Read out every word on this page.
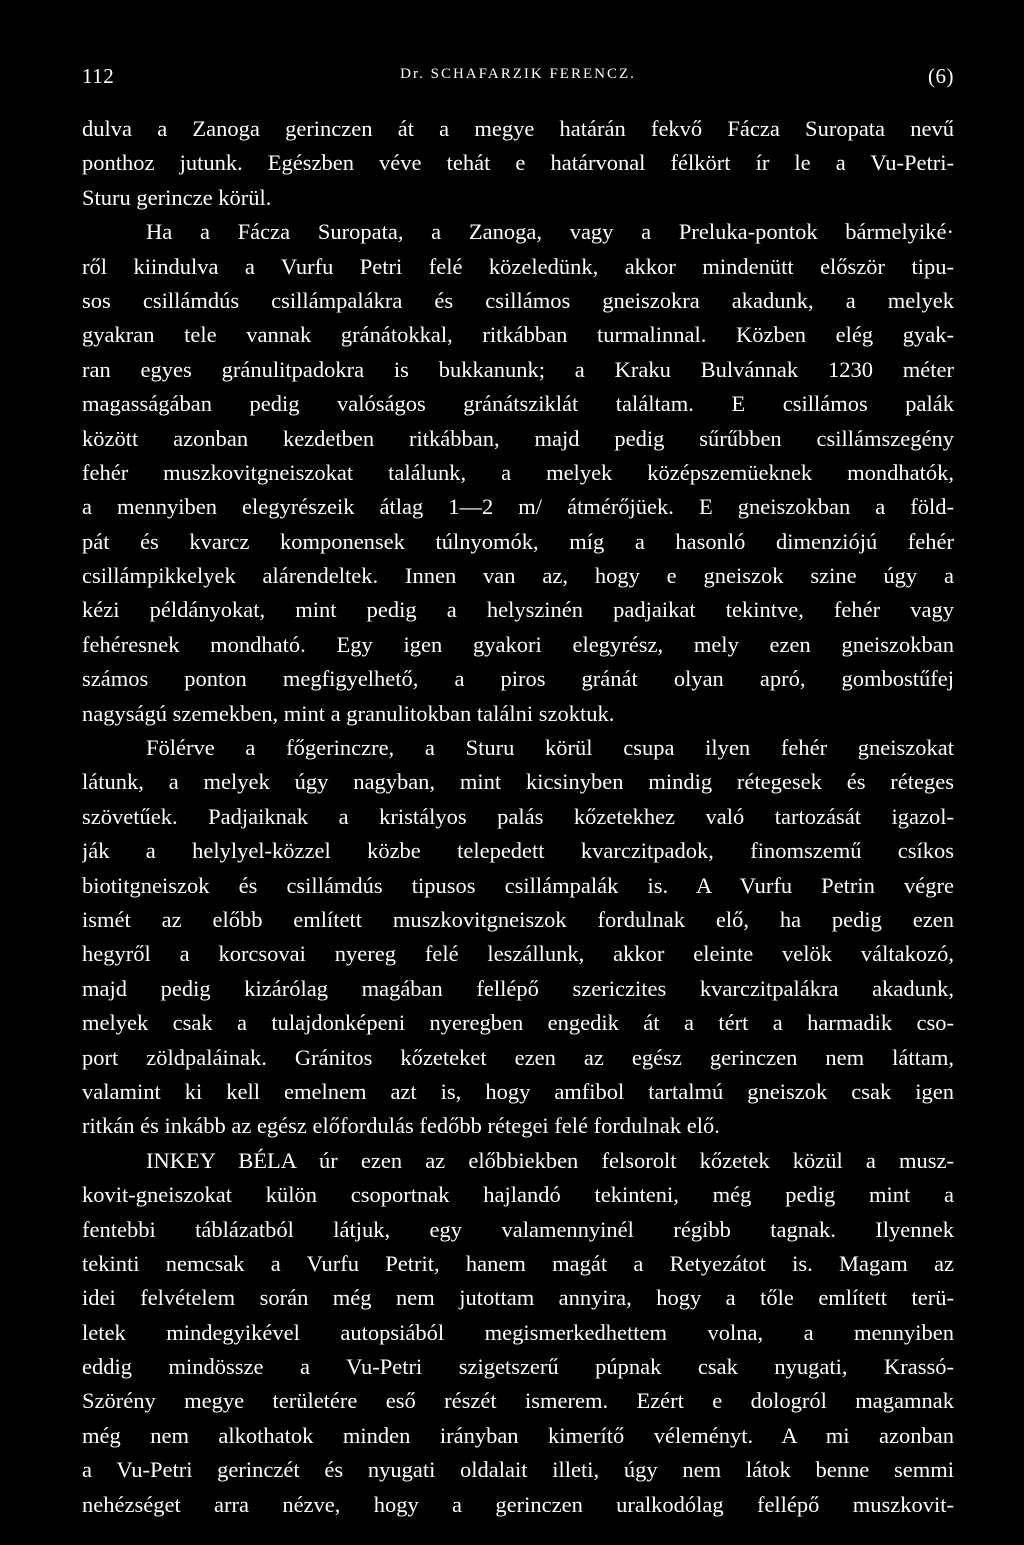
112	Dr. SCHAFARZIK FERENCZ.	(6)
dulva a Zanoga gerinczen át a megye határán fekvő Fácza Suropata nevű
ponthoz jutunk. Egészben véve tehát e határvonal félkört ír le a Vu-Petri-
Sturu gerincze körül.
Ha a Fácza Suropata, a Zanoga, vagy a Preluka-pontok bármelyiké·
ről kiindulva a Vurfu Petri felé közeledünk, akkor mindenütt először tipu-
sos csillámdús csillámpalákra és csillámos gneiszokra akadunk, a melyek
gyakran tele vannak gránátokkal, ritkábban turmalinnal. Közben elég gyak-
ran egyes gránulitpadokra is bukkanunk; a Kraku Bulvánnak 1230 méter
magasságában pedig valóságos gránátsziklát találtam. E csillámos palák
között azonban kezdetben ritkábban, majd pedig sűrűbben csillámszegény
fehér muszkovitgneiszokat találunk, a melyek középszemüeknek mondhatók,
a mennyiben elegyrészeik átlag 1—2 m/ átmérőjüek. E gneiszokban a föld-
pát és kvarcz komponensek túlnyomók, míg a hasonló dimenziójú fehér
csillámpikkelyek alárendeltek. Innen van az, hogy e gneiszok szine úgy a
kézi példányokat, mint pedig a helyszinén padjaikat tekintve, fehér vagy
fehéresnek mondható. Egy igen gyakori elegyrész, mely ezen gneiszokban
számos ponton megfigyelhető, a piros gránát olyan apró, gombostűfej
nagyságú szemekben, mint a granulitokban találni szoktuk.
Fölérve a főgerinczre, a Sturu körül csupa ilyen fehér gneiszokat
látunk, a melyek úgy nagyban, mint kicsinyben mindig rétegesek és réteges
szövetűek. Padjaiknak a kristályos palás kőzetekhez való tartozását igazol-
ják a helylyel-közzel közbe telepedett kvarczitpadok, finomszemű csíkos
biotitgneiszok és csillámdús tipusos csillámpalák is. A Vurfu Petrin végre
ismét az előbb említett muszkovitgneiszok fordulnak elő, ha pedig ezen
hegyről a korcsovai nyereg felé leszállunk, akkor eleinte velök váltakozó,
majd pedig kizárólag magában fellépő szericzites kvarczitpalákra akadunk,
melyek csak a tulajdonképeni nyeregben engedik át a tért a harmadik cso-
port zöldpaláinak. Gránitos kőzeteket ezen az egész gerinczen nem láttam,
valamint ki kell emelnem azt is, hogy amfibol tartalmú gneiszok csak igen
ritkán és inkább az egész előfordulás fedőbb rétegei felé fordulnak elő.
INKEY BÉLA úr ezen az előbbiekben felsorolt kőzetek közül a musz-
kovit-gneiszokat külön csoportnak hajlandó tekinteni, még pedig mint a
fentebbi táblázatból látjuk, egy valamennyinél régibb tagnak. Ilyennek
tekinti nemcsak a Vurfu Petrit, hanem magát a Retyezátot is. Magam az
idei felvételem során még nem jutottam annyira, hogy a tőle említett terü-
letek mindegyikével autopsiából megismerkedhettem volna, a mennyiben
eddig mindössze a Vu-Petri szigetszerű púpnak csak nyugati, Krassó-
Szörény megye területére eső részét ismerem. Ezért e dologról magamnak
még nem alkothatok minden irányban kimerítő véleményt. A mi azonban
a Vu-Petri gerinczét és nyugati oldalait illeti, úgy nem látok benne semmi
nehézséget arra nézve, hogy a gerinczen uralkodólag fellépő muszkovit-
